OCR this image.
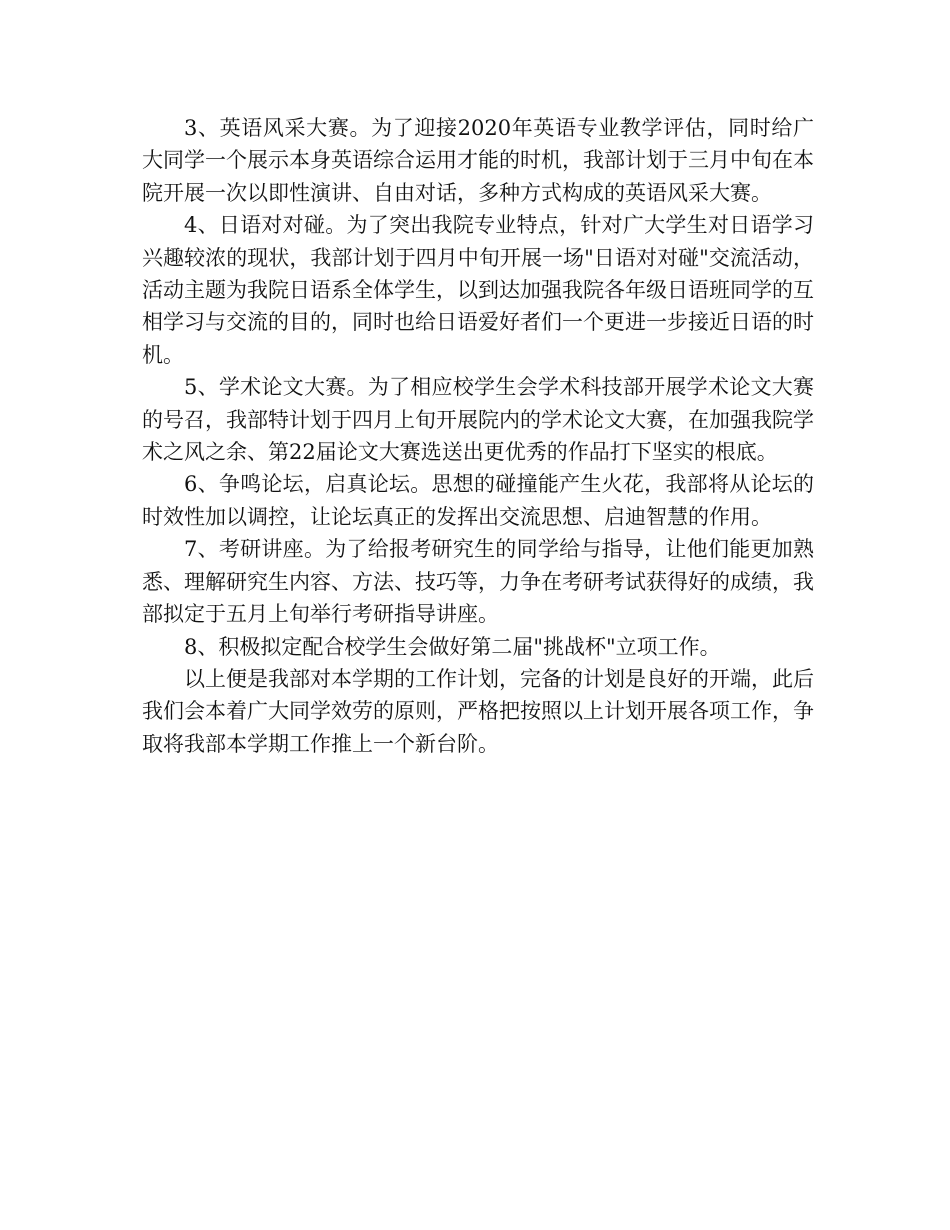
3、英语风采大赛。为了迎接2020年英语专业教学评估，同时给广大同学一个展示本身英语综合运用才能的时机，我部计划于三月中旬在本院开展一次以即性演讲、自由对话，多种方式构成的英语风采大赛。

4、日语对对碰。为了突出我院专业特点，针对广大学生对日语学习兴趣较浓的现状，我部计划于四月中旬开展一场"日语对对碰"交流活动，活动主题为我院日语系全体学生，以到达加强我院各年级日语班同学的互相学习与交流的目的，同时也给日语爱好者们一个更进一步接近日语的时机。

5、学术论文大赛。为了相应校学生会学术科技部开展学术论文大赛的号召，我部特计划于四月上旬开展院内的学术论文大赛，在加强我院学术之风之余、第22届论文大赛选送出更优秀的作品打下坚实的根底。

6、争鸣论坛，启真论坛。思想的碰撞能产生火花，我部将从论坛的时效性加以调控，让论坛真正的发挥出交流思想、启迪智慧的作用。

7、考研讲座。为了给报考研究生的同学给与指导，让他们能更加熟悉、理解研究生内容、方法、技巧等，力争在考研考试获得好的成绩，我部拟定于五月上旬举行考研指导讲座。

8、积极拟定配合校学生会做好第二届"挑战杯"立项工作。

以上便是我部对本学期的工作计划，完备的计划是良好的开端，此后我们会本着广大同学效劳的原则，严格把按照以上计划开展各项工作，争取将我部本学期工作推上一个新台阶。
